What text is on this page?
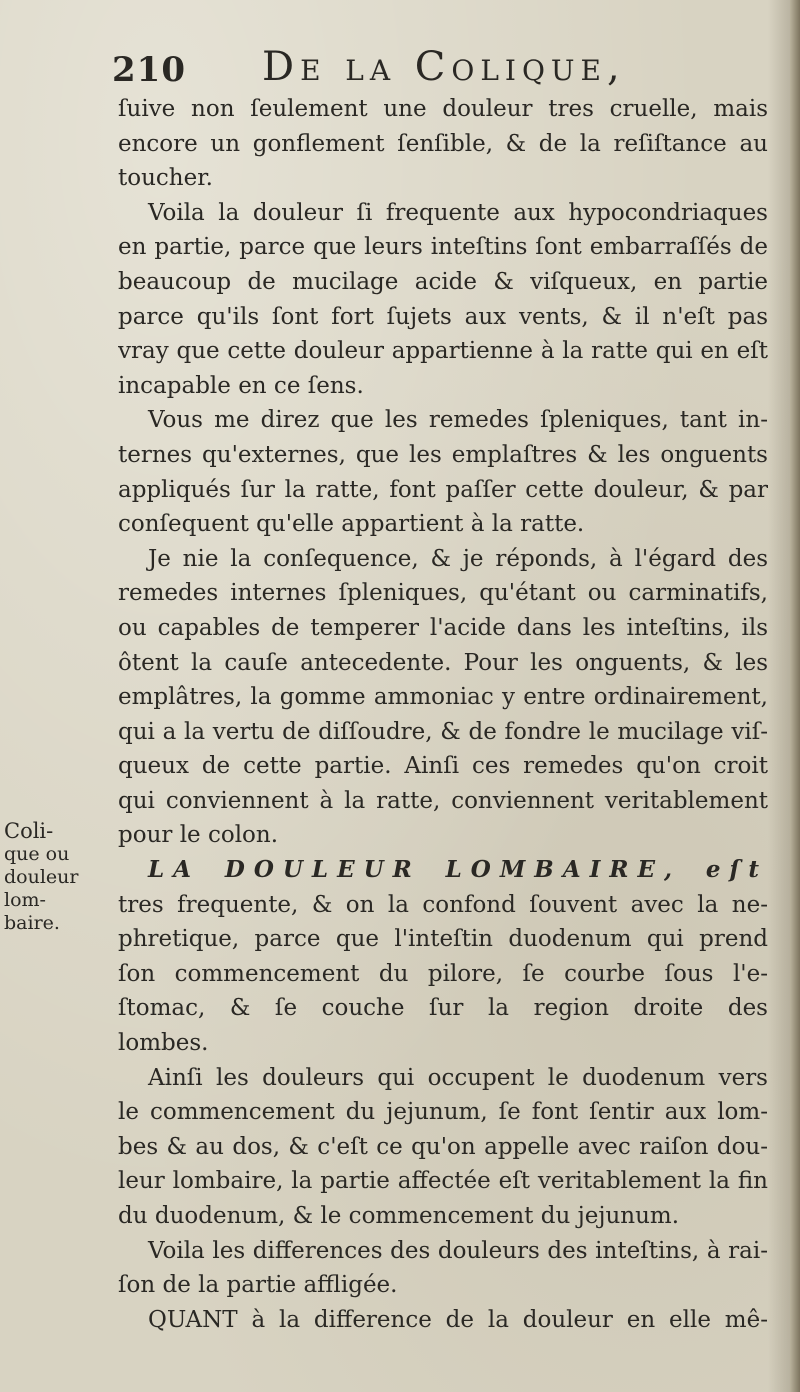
210 De la Colique,
Coli-
que ou
douleur
lom-
baire.
ſuive non ſeulement une douleur tres cruelle, mais
encore un gonflement ſenſible, & de la reſiſtance au
toucher.
Voila la douleur ſi frequente aux hypocondriaques
en partie, parce que leurs inteſtins ſont embarraſſés de
beaucoup de mucilage acide & viſqueux, en partie
parce qu'ils ſont fort ſujets aux vents, & il n'eſt pas
vray que cette douleur appartienne à la ratte qui en eſt
incapable en ce ſens.
Vous me direz que les remedes ſpleniques, tant in-
ternes qu'externes, que les emplaſtres & les onguents
appliqués ſur la ratte, font paſſer cette douleur, & par
conſequent qu'elle appartient à la ratte.
Je nie la conſequence, & je réponds, à l'égard des
remedes internes ſpleniques, qu'étant ou carminatifs,
ou capables de temperer l'acide dans les inteſtins, ils
ôtent la cauſe antecedente. Pour les onguents, & les
emplâtres, la gomme ammoniac y entre ordinairement,
qui a la vertu de diſſoudre, & de fondre le mucilage viſ-
queux de cette partie. Ainſi ces remedes qu'on croit
qui conviennent à la ratte, conviennent veritablement
pour le colon.
LA DOULEUR LOMBAIRE, eſt
tres frequente, & on la confond ſouvent avec la ne-
phretique, parce que l'inteſtin duodenum qui prend
ſon commencement du pilore, ſe courbe ſous l'e-
ſtomac, & ſe couche ſur la region droite des
lombes.
Ainſi les douleurs qui occupent le duodenum vers
le commencement du jejunum, ſe font ſentir aux lom-
bes & au dos, & c'eſt ce qu'on appelle avec raiſon dou-
leur lombaire, la partie affectée eſt veritablement la fin
du duodenum, & le commencement du jejunum.
Voila les differences des douleurs des inteſtins, à rai-
ſon de la partie affligée.
QUANT à la difference de la douleur en elle mê-
